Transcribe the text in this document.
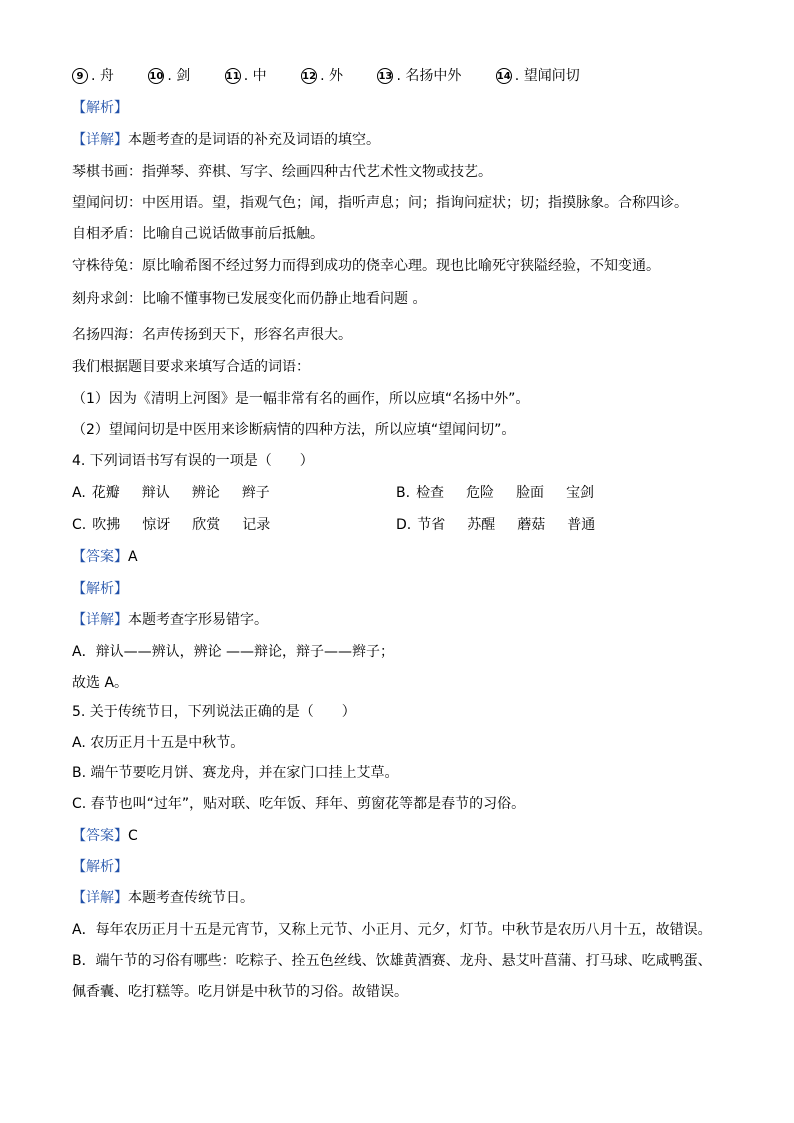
9 . 舟	10 . 剑	11 . 中	12 . 外	13 . 名扬中外	14 . 望闻问切
【解析】
【详解】本题考查的是词语的补充及词语的填空。
琴棋书画：指弹琴、弈棋、写字、绘画四种古代艺术性文物或技艺。
望闻问切：中医用语。望，指观气色；闻，指听声息；问；指询问症状；切；指摸脉象。合称四诊。
自相矛盾：比喻自己说话做事前后抵触。
守株待兔：原比喻希图不经过努力而得到成功的侥幸心理。现也比喻死守狭隘经验，不知变通。
刻舟求剑：比喻不懂事物已发展变化而仍静止地看问题 。
名扬四海：名声传扬到天下，形容名声很大。
我们根据题目要求来填写合适的词语：
（1）因为《清明上河图》是一幅非常有名的画作，所以应填“名扬中外”。
（2）望闻问切是中医用来诊断病情的四种方法，所以应填“望闻问切”。
4. 下列词语书写有误的一项是（　　）
A. 花瓣 辩认 辨论 辫子	B. 检查 危险 脸面 宝剑
C. 吹拂 惊讶 欣赏 记录	D. 节省 苏醒 蘑菇 普通
【答案】A
【解析】
【详解】本题考查字形易错字。
A．辩认——辨认，辨论 ——辩论，辩子——辫子；
故选 A。
5. 关于传统节日，下列说法正确的是（　　）
A. 农历正月十五是中秋节。
B. 端午节要吃月饼、赛龙舟，并在家门口挂上艾草。
C. 春节也叫“过年”，贴对联、吃年饭、拜年、剪窗花等都是春节的习俗。
【答案】C
【解析】
【详解】本题考查传统节日。
A．每年农历正月十五是元宵节，又称上元节、小正月、元夕，灯节。中秋节是农历八月十五，故错误。
B．端午节的习俗有哪些：吃粽子、拴五色丝线、饮雄黄酒赛、龙舟、悬艾叶菖蒲、打马球、吃咸鸭蛋、
佩香囊、吃打糕等。吃月饼是中秋节的习俗。故错误。
